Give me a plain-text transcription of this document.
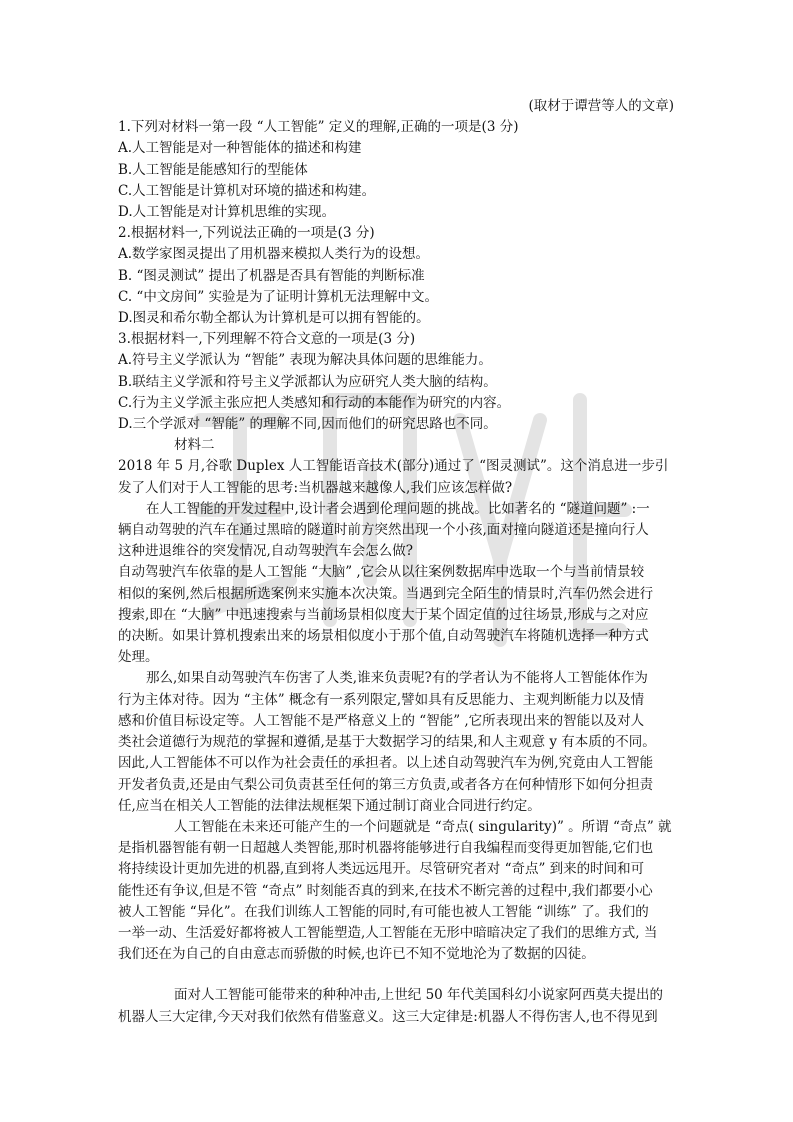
(取材于谭营等人的文章)
1.下列对材料一第一段 “人工智能” 定义的理解,正确的一项是(3 分)
A.人工智能是对一种智能体的描述和构建
B.人工智能是能感知行的型能体
C.人工智能是计算机对环境的描述和构建。
D.人工智能是对计算机思维的实现。
2.根据材料一,下列说法正确的一项是(3 分)
A.数学家图灵提出了用机器来模拟人类行为的设想。
B. “图灵测试” 提出了机器是否具有智能的判断标准
C. “中文房间” 实验是为了证明计算机无法理解中文。
D.图灵和希尔勒全都认为计算机是可以拥有智能的。
3.根据材料一,下列理解不符合文意的一项是(3 分)
A.符号主义学派认为 “智能” 表现为解决具体问题的思维能力。
B.联结主义学派和符号主义学派都认为应研究人类大脑的结构。
C.行为主义学派主张应把人类感知和行动的本能作为研究的内容。
D.三个学派对 “智能” 的理解不同,因而他们的研究思路也不同。
材料二
2018 年 5 月,谷歌 Duplex 人工智能语音技术(部分)通过了 “图灵测试”。这个消息进一步引
发了人们对于人工智能的思考:当机器越来越像人,我们应该怎样做?
在人工智能的开发过程中,设计者会遇到伦理问题的挑战。比如著名的 “隧道问题” :一
辆自动驾驶的汽车在通过黑暗的隧道时前方突然出现一个小孩,面对撞向隧道还是撞向行人
这种进退维谷的突发情况,自动驾驶汽车会怎么做?
自动驾驶汽车依靠的是人工智能 “大脑” ,它会从以往案例数据库中选取一个与当前情景较
相似的案例,然后根据所选案例来实施本次决策。当遇到完全陌生的情景时,汽车仍然会进行
搜索,即在 “大脑” 中迅速搜索与当前场景相似度大于某个固定值的过往场景,形成与之对应
的决断。如果计算机搜索出来的场景相似度小于那个值,自动驾驶汽车将随机选择一种方式
处理。
那么,如果自动驾驶汽车伤害了人类,谁来负责呢?有的学者认为不能将人工智能体作为
行为主体对待。因为 “主体” 概念有一系列限定,譬如具有反思能力、主观判断能力以及情
感和价值目标设定等。人工智能不是严格意义上的 “智能” ,它所表现出来的智能以及对人
类社会道德行为规范的掌握和遵循,是基于大数据学习的结果,和人主观意 y 有本质的不同。
因此,人工智能体不可以作为社会责任的承担者。以上述自动驾驶汽车为例,究竟由人工智能
开发者负责,还是由气梨公司负责甚至任何的第三方负责,或者各方在何种情形下如何分担责
任,应当在相关人工智能的法律法规框架下通过制订商业合同进行约定。
人工智能在未来还可能产生的一个问题就是 “奇点( singularity)” 。所谓 “奇点” 就
是指机器智能有朝一日超越人类智能,那时机器将能够进行自我编程而变得更加智能,它们也
将持续设计更加先进的机器,直到将人类远远甩开。尽管研究者对 “奇点” 到来的时间和可
能性还有争议,但是不管 “奇点” 时刻能否真的到来,在技术不断完善的过程中,我们都要小心
被人工智能 “异化”。在我们训练人工智能的同时,有可能也被人工智能 “训练” 了。我们的
一举一动、生活爱好都将被人工智能塑造,人工智能在无形中暗暗决定了我们的思维方式, 当
我们还在为自己的自由意志而骄傲的时候,也许已不知不觉地沦为了数据的囚徒。
面对人工智能可能带来的种种冲击,上世纪 50 年代美国科幻小说家阿西莫夫提出的
机器人三大定律,今天对我们依然有借鉴意义。这三大定律是:机器人不得伤害人,也不得见到
